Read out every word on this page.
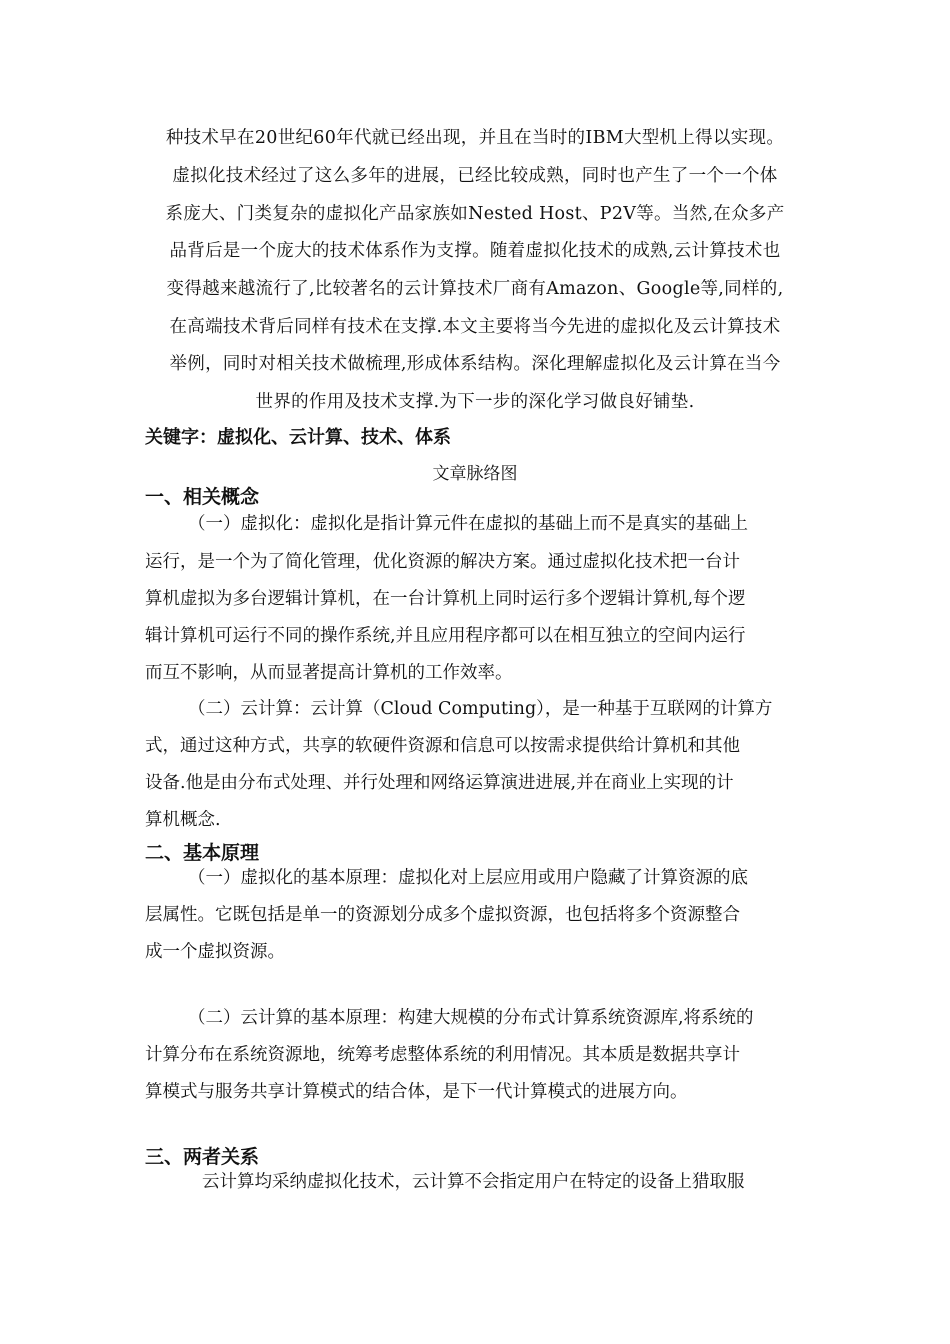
种技术早在20世纪60年代就已经出现，并且在当时的IBM大型机上得以实现。
虚拟化技术经过了这么多年的进展，已经比较成熟，同时也产生了一个一个体
系庞大、门类复杂的虚拟化产品家族如Nested Host、P2V等。当然,在众多产
品背后是一个庞大的技术体系作为支撑。随着虚拟化技术的成熟,云计算技术也
变得越来越流行了,比较著名的云计算技术厂商有Amazon、Google等,同样的,
在高端技术背后同样有技术在支撑.本文主要将当今先进的虚拟化及云计算技术
举例，同时对相关技术做梳理,形成体系结构。深化理解虚拟化及云计算在当今
世界的作用及技术支撑.为下一步的深化学习做良好铺垫.
关键字：虚拟化、云计算、技术、体系
文章脉络图
一、相关概念
（一）虚拟化：虚拟化是指计算元件在虚拟的基础上而不是真实的基础上
运行，是一个为了简化管理，优化资源的解决方案。通过虚拟化技术把一台计
算机虚拟为多台逻辑计算机，在一台计算机上同时运行多个逻辑计算机,每个逻
辑计算机可运行不同的操作系统,并且应用程序都可以在相互独立的空间内运行
而互不影响，从而显著提高计算机的工作效率。
（二）云计算：云计算（Cloud Computing），是一种基于互联网的计算方
式，通过这种方式，共享的软硬件资源和信息可以按需求提供给计算机和其他
设备.他是由分布式处理、并行处理和网络运算演进进展,并在商业上实现的计
算机概念.
二、基本原理
（一）虚拟化的基本原理：虚拟化对上层应用或用户隐藏了计算资源的底
层属性。它既包括是单一的资源划分成多个虚拟资源，也包括将多个资源整合
成一个虚拟资源。
（二）云计算的基本原理：构建大规模的分布式计算系统资源库,将系统的
计算分布在系统资源地，统筹考虑整体系统的利用情况。其本质是数据共享计
算模式与服务共享计算模式的结合体，是下一代计算模式的进展方向。
三、两者关系
云计算均采纳虚拟化技术，云计算不会指定用户在特定的设备上猎取服
